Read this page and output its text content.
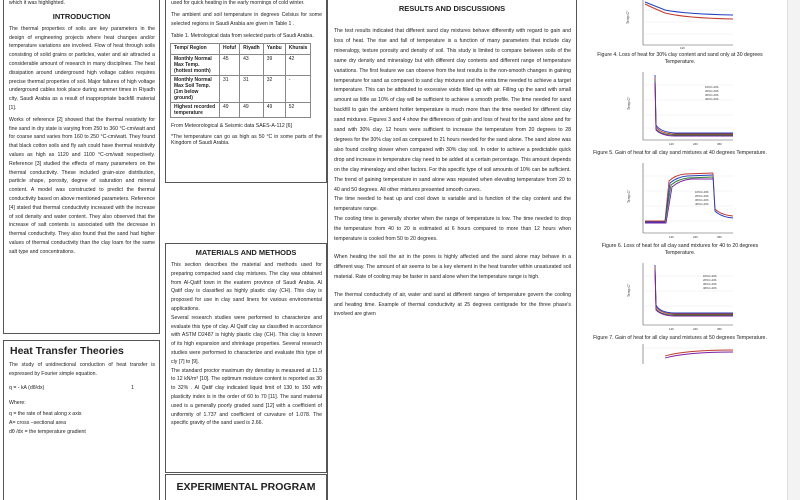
which it was highlighted.

INTRODUCTION

The thermal properties of soils are key parameters in the design of engineering projects where heat changes and/or temperature variations are involved. Flow of heat through soils consisting of solid grains or particles, water and air attracted a considerable amount of research in many disciplines. The heat dissipation around underground high voltage cables requires precise thermal properties of soil. Major failures of high voltage underground cables took place during summer times in Riyadh city, Saudi Arabia as a result of inappropriate backfill material [1].

Works of reference [2] showed that the thermal resistivity for fine sand in dry state is varying from 250 to 360 °C-cm/watt and for coarse sand varies from 160 to 250 °C-cm/watt. They found that black cotton soils and fly ash could have thermal resistivity values as high as 1120 and 1100 °C-cm/watt respectively. Reference [3] studied the effects of many parameters on the thermal conductivity. These included grain-size distribution, particle shape, porosity, degree of saturation and mineral content. A model was constructed to predict the thermal conductivity based on above mentioned parameters. Reference [4] stated that thermal conductivity increased with the increase of soil density and water content. They also observed that the increase of salt contents is associated with the decrease in thermal conductivity. They also found that the sand had higher values of thermal conductivity than the clay loam for the same salt type and concentrations.

Heat Transfer Theories

The study of unidirectional conduction of heat transfer is expressed by Fourier simple equation.

q = - kA (dθ/dx)	1

Where:

q = the rate of heat along x axis

A= cross –sectional area

dθ /dx = the temperature gradient

used for quick heating in the early mornings of cold winter.

The ambient and soil temperature in degrees Celsius for some selected regions in Saudi Arabia are given in Table 1 .

Table 1. Metrological data from selected parts of Saudi Arabia.

Temp/ Region	Hofuf	Riyadh	Yanbu	Khurais
Monthly Normal Max Temp. (hottest month)	45	43	39	42
Monthly Normal Max Soil Temp. (1m below ground)	31	31	32	-
Highest recorded temperature	49	49	49	52

From Meteorological & Seismic data SAES-A-112 [6]

*The temperature can go as high as 50 °C in some parts of the Kingdom of Saudi Arabia.

MATERIALS AND METHODS

This section describes the material and methods used for preparing compacted sand clay mixtures. The clay was obtained from Al-Qatif town in the eastern province of Saudi Arabia. Al Qatif clay is classified as highly plastic clay (CH). This clay is proposed for use in clay sand liners for various environmental applications.

Several research studies were performed to characterize and evaluate this type of clay. Al Qatif clay as classified in accordance with ASTM D2487 is highly plastic clay (CH). This clay is known of its high expansion and shrinkage properties. Several research studies were performed to characterize and evaluate this type of cly [7] to [9].

The standard proctor maximum dry denstiay is measured at 11.5 to 12 kN/m³ [10]. The optimum moisture content is reported as 30 to 32% . Al Qatif clay indicated liquid limit of 130 to 150 with plasticity index is in the order of 60 to 70 [11]. The sand material used is a generally poorly graded sand [12] with a coefficient of uniformity of 1.737 and coefficient of curvature of 1.078. The specific gravity of the sand used is 2.66.

EXPERIMENTAL PROGRAM
RESULTS AND DISCUSSIONS

The test results indicated that different sand clay mixtures behave differently with regard to gain and loss of heat. The rise and fall of temperature is a function of many parameters that include clay mineralogy, texture porosity and density of soil. This study is limited to compare between soils of the same dry density and mineralogy but with different clay contents and different range of temperature variations. The first feature we can observe from the test results is the non-smooth changes in gaining temperature for sand as compared to sand clay mixtures and the extra time needed to achieve a target temperature. This can be attributed to excessive voids filled up with air. Filling up the sand with small amount as little as 10% of clay will be sufficient to achieve a smooth profile. The time needed for sand backfill to gain the ambient hotter temperature is much more than the time needed for different clay sand mixtures. Figures 3 and 4 show the differences of gain and loss of heat for the sand alone and for sand with 30% clay. 12 hours were sufficient to increase the temperature from 20 degrees to 28 degrees for the 30% clay soil as compared to 21 hours needed for the sand alone. The sand alone was also found cooling slower when compared with 30% clay soil. In order to achieve a predictable quick drop and increase in temperature clay need to be added at a certain percentage. This amount depends on the clay mineralogy and other factors. For this specific type of soil amounts of 10% can be sufficient.

The trend of gaining temperature in sand alone was repeated when elevating temperature from 20 to 40 and 50 degrees. All other mixtures presented smooth curves.

The time needed to heat up and cool down is variable and is function of the clay content and the temperature range.

The cooling time is generally shorter when the range of temperature is low. The time needed to drop the temperature from 40 to 20 is estimated at 6 hours compared to more than 12 hours when temperature is cooled from 50 to 20 degrees.

When heating the soil the air in the pores is highly affected and the sand alone may behave in a different way. The amount of air seems to be a key element in the heat transfer within unsaturated soil material. Rate of cooling may be faster in sand alone when the temperature range is high.

The thermal conductivity of air, water and sand at different ranges of temperature govern the cooling and heating time. Example of thermal conductivity at 25 degrees centigrade for the three phase's involved are given

Temp C°
12h

Figure 4. Loss of heat for 30% clay content and sand only at 30 degrees Temperature.

10%C-40S
20%C-40S
30%C-40S
40%C-40S
Temp C°
12h	24h	36h

Figure 5. Gain of heat for all clay sand mixtures at 40 degrees Temperature.

10%C-40S
20%C-40S
30%C-40S
40%C-40S
Temp C°
12h	24h	36h

Figure 6. Loss of heat for all clay sand mixtures for 40 to 20 degrees Temperature.

10%C-40S
20%C-40S
30%C-40S
40%C-40S
Temp C°
12h	24h	36h

Figure 7. Gain of heat for all clay sand mixtures at 50 degrees Temperature.
